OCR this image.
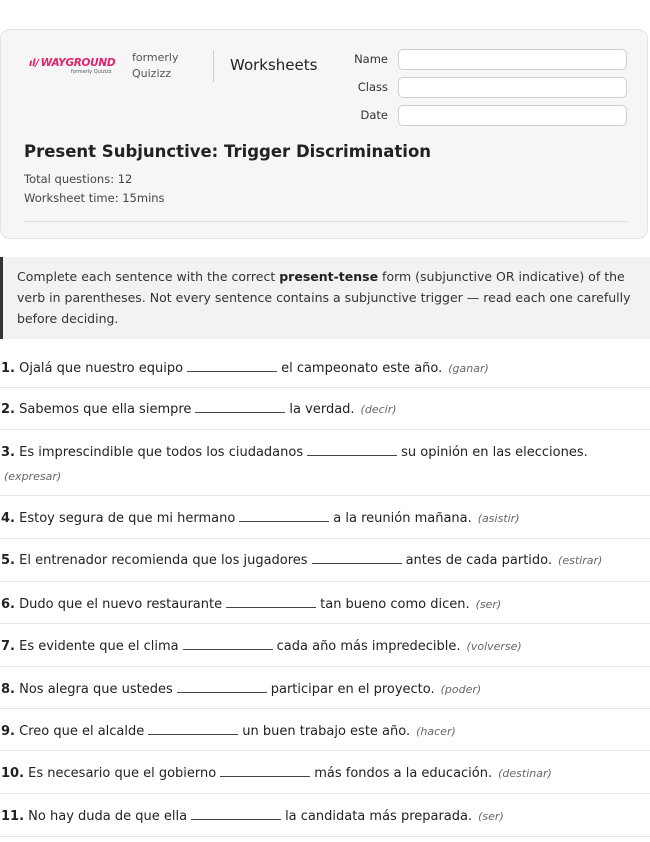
ıl/ WAYGROUND
formerly Quizizz
formerly
Quizizz	Worksheets	Name
Class
Date
Present Subjunctive: Trigger Discrimination
Total questions: 12
Worksheet time: 15mins
Complete each sentence with the correct present-tense form (subjunctive OR indicative) of the verb in parentheses. Not every sentence contains a subjunctive trigger — read each one carefully before deciding.
1. Ojalá que nuestro equipo	el campeonato este año. (ganar)
2. Sabemos que ella siempre	la verdad. (decir)
3. Es imprescindible que todos los ciudadanos	su opinión en las elecciones.
(expresar)
4. Estoy segura de que mi hermano	a la reunión mañana. (asistir)
5. El entrenador recomienda que los jugadores	antes de cada partido. (estirar)
6. Dudo que el nuevo restaurante	tan bueno como dicen. (ser)
7. Es evidente que el clima	cada año más impredecible. (volverse)
8. Nos alegra que ustedes	participar en el proyecto. (poder)
9. Creo que el alcalde	un buen trabajo este año. (hacer)
10. Es necesario que el gobierno	más fondos a la educación. (destinar)
11. No hay duda de que ella	la candidata más preparada. (ser)
